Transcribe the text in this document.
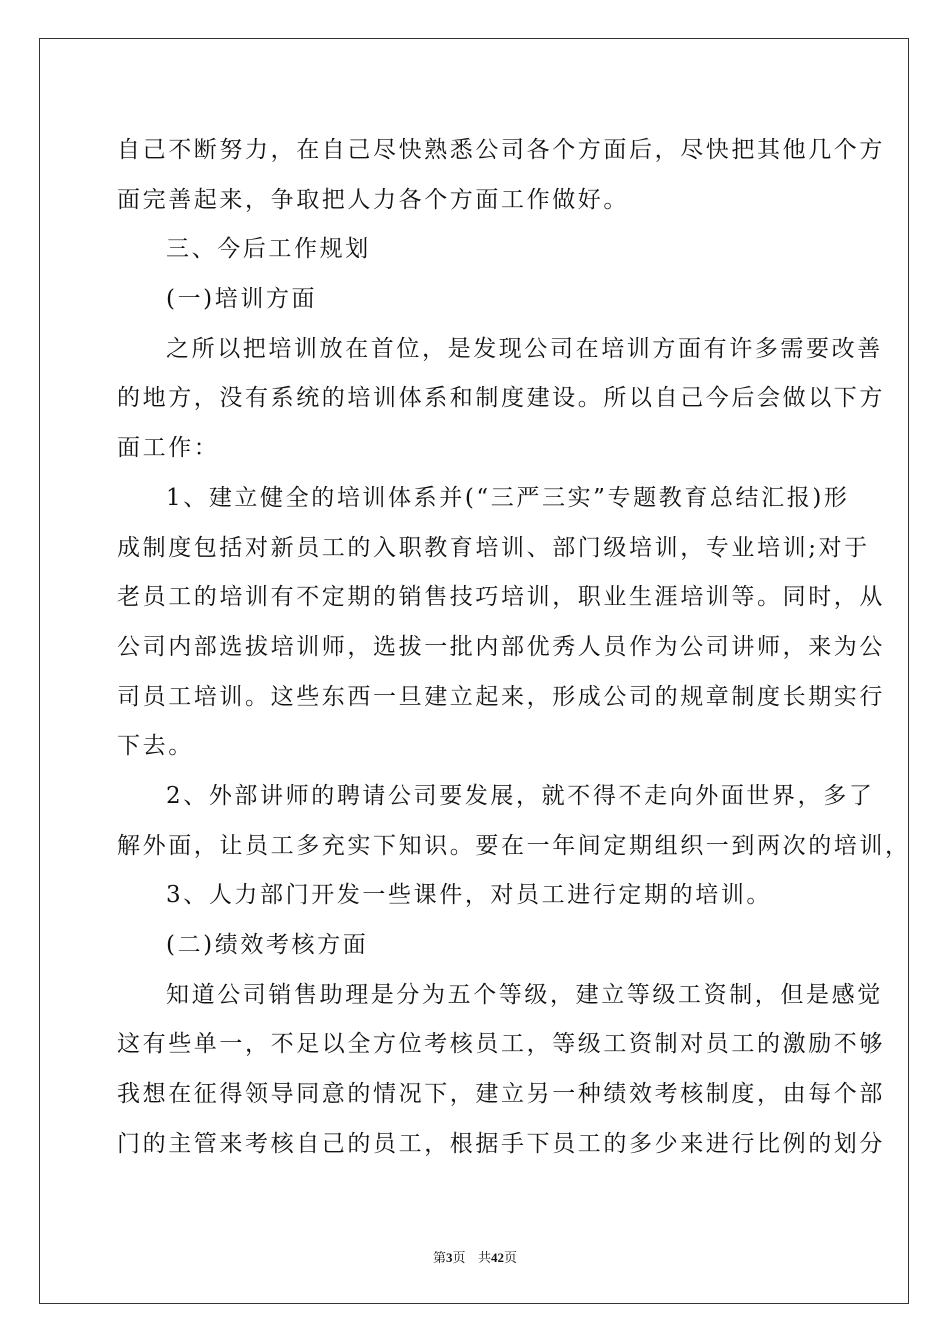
自己不断努力，在自己尽快熟悉公司各个方面后，尽快把其他几个方
面完善起来，争取把人力各个方面工作做好。
三、今后工作规划
(一)培训方面
之所以把培训放在首位，是发现公司在培训方面有许多需要改善
的地方，没有系统的培训体系和制度建设。所以自己今后会做以下方
面工作：
1、建立健全的培训体系并(“三严三实”专题教育总结汇报)形
成制度包括对新员工的入职教育培训、部门级培训，专业培训;对于
老员工的培训有不定期的销售技巧培训，职业生涯培训等。同时，从
公司内部选拔培训师，选拔一批内部优秀人员作为公司讲师，来为公
司员工培训。这些东西一旦建立起来，形成公司的规章制度长期实行
下去。
2、外部讲师的聘请公司要发展，就不得不走向外面世界，多了
解外面，让员工多充实下知识。要在一年间定期组织一到两次的培训，
3、人力部门开发一些课件，对员工进行定期的培训。
(二)绩效考核方面
知道公司销售助理是分为五个等级，建立等级工资制，但是感觉
这有些单一，不足以全方位考核员工，等级工资制对员工的激励不够
我想在征得领导同意的情况下，建立另一种绩效考核制度，由每个部
门的主管来考核自己的员工，根据手下员工的多少来进行比例的划分
第3页 共42页
